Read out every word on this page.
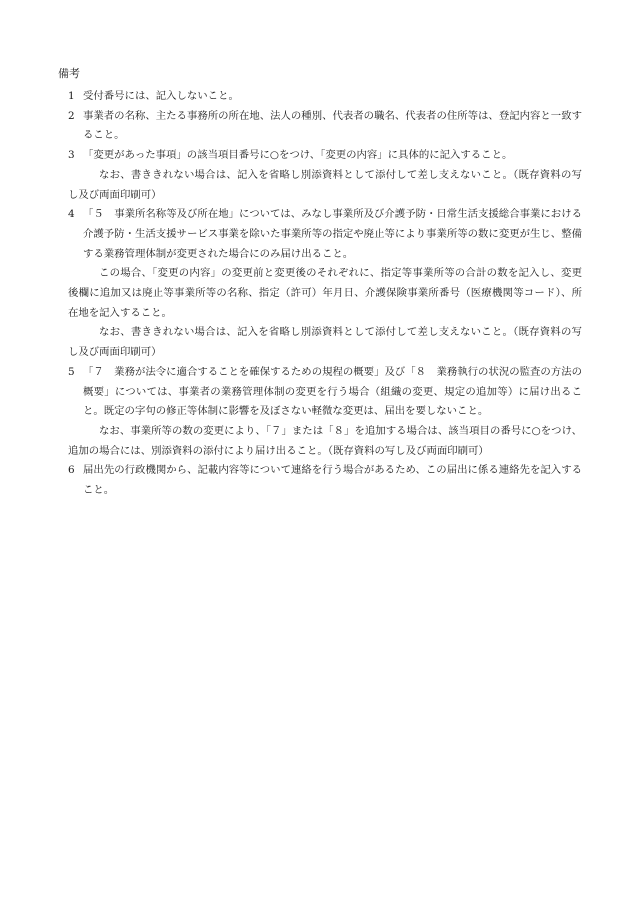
備考
1 受付番号には、記入しないこと。
2 事業者の名称、主たる事務所の所在地、法人の種別、代表者の職名、代表者の住所等は、登記内容と一致すること。
3 「変更があった事項」の該当項目番号に○をつけ、「変更の内容」に具体的に記入すること。
なお、書ききれない場合は、記入を省略し別添資料として添付して差し支えないこと。（既存資料の写し及び両面印刷可）
4 「５　事業所名称等及び所在地」については、みなし事業所及び介護予防・日常生活支援総合事業における介護予防・生活支援サービス事業を除いた事業所等の指定や廃止等により事業所等の数に変更が生じ、整備する業務管理体制が変更された場合にのみ届け出ること。
この場合、「変更の内容」の変更前と変更後のそれぞれに、指定等事業所等の合計の数を記入し、変更後欄に追加又は廃止等事業所等の名称、指定（許可）年月日、介護保険事業所番号（医療機関等コード）、所在地を記入すること。
なお、書ききれない場合は、記入を省略し別添資料として添付して差し支えないこと。（既存資料の写し及び両面印刷可）
5 「７　業務が法令に適合することを確保するための規程の概要」及び「８　業務執行の状況の監査の方法の概要」については、事業者の業務管理体制の変更を行う場合（組織の変更、規定の追加等）に届け出ること。既定の字句の修正等体制に影響を及ぼさない軽微な変更は、届出を要しないこと。
なお、事業所等の数の変更により、「７」または「８」を追加する場合は、該当項目の番号に○をつけ、追加の場合には、別添資料の添付により届け出ること。（既存資料の写し及び両面印刷可）
6 届出先の行政機関から、記載内容等について連絡を行う場合があるため、この届出に係る連絡先を記入すること。
